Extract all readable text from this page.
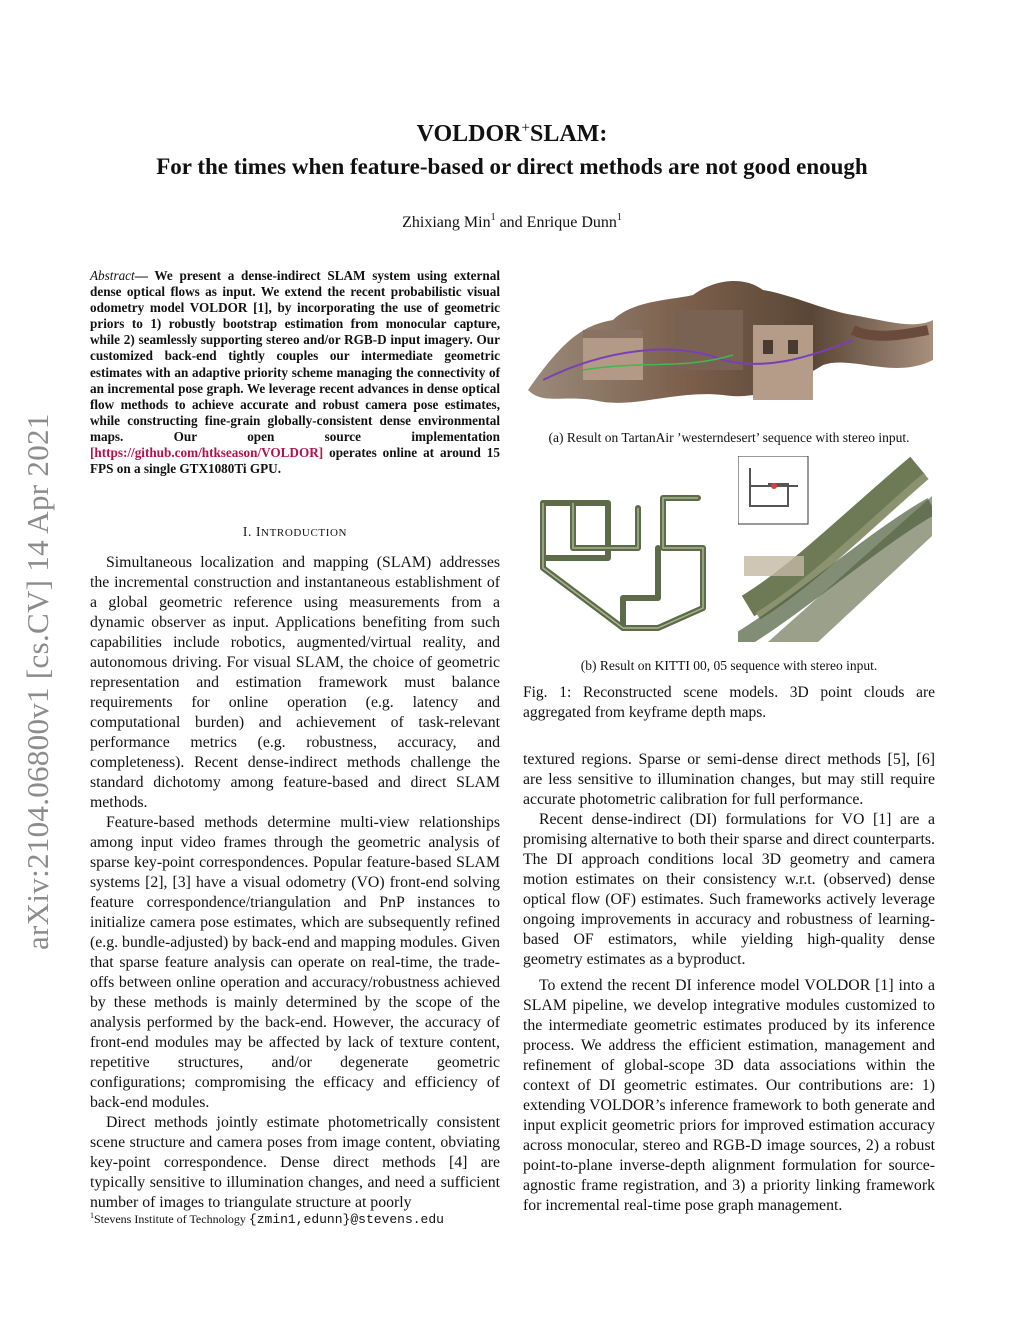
VOLDOR+SLAM:
For the times when feature-based or direct methods are not good enough
Zhixiang Min$^1$ and Enrique Dunn$^1$
arXiv:2104.06800v1 [cs.CV] 14 Apr 2021
Abstract— We present a dense-indirect SLAM system using external dense optical flows as input. We extend the recent probabilistic visual odometry model VOLDOR [1], by incorporating the use of geometric priors to 1) robustly bootstrap estimation from monocular capture, while 2) seamlessly supporting stereo and/or RGB-D input imagery. Our customized back-end tightly couples our intermediate geometric estimates with an adaptive priority scheme managing the connectivity of an incremental pose graph. We leverage recent advances in dense optical flow methods to achieve accurate and robust camera pose estimates, while constructing fine-grain globally-consistent dense environmental maps. Our open source implementation [https://github.com/htkseason/VOLDOR] operates online at around 15 FPS on a single GTX1080Ti GPU.
I. INTRODUCTION

Simultaneous localization and mapping (SLAM) addresses the incremental construction and instantaneous establishment of a global geometric reference using measurements from a dynamic observer as input. Applications benefiting from such capabilities include robotics, augmented/virtual reality, and autonomous driving. For visual SLAM, the choice of geometric representation and estimation framework must balance requirements for online operation (e.g. latency and computational burden) and achievement of task-relevant performance metrics (e.g. robustness, accuracy, and completeness). Recent dense-indirect methods challenge the standard dichotomy among feature-based and direct SLAM methods.

Feature-based methods determine multi-view relationships among input video frames through the geometric analysis of sparse key-point correspondences. Popular feature-based SLAM systems [2], [3] have a visual odometry (VO) front-end solving feature correspondence/triangulation and PnP instances to initialize camera pose estimates, which are subsequently refined (e.g. bundle-adjusted) by back-end and mapping modules. Given that sparse feature analysis can operate on real-time, the trade-offs between online operation and accuracy/robustness achieved by these methods is mainly determined by the scope of the analysis performed by the back-end. However, the accuracy of front-end modules may be affected by lack of texture content, repetitive structures, and/or degenerate geometric configurations; compromising the efficacy and efficiency of back-end modules.

Direct methods jointly estimate photometrically consistent scene structure and camera poses from image content, obviating key-point correspondence. Dense direct methods [4] are typically sensitive to illumination changes, and need a sufficient number of images to triangulate structure at poorly

$^1$Stevens Institute of Technology {zmin1,edunn}@stevens.edu
(a) Result on TartanAir ’westerndesert’ sequence with stereo input.
(b) Result on KITTI 00, 05 sequence with stereo input.
Fig. 1: Reconstructed scene models. 3D point clouds are aggregated from keyframe depth maps.

textured regions. Sparse or semi-dense direct methods [5], [6] are less sensitive to illumination changes, but may still require accurate photometric calibration for full performance.

Recent dense-indirect (DI) formulations for VO [1] are a promising alternative to both their sparse and direct counterparts. The DI approach conditions local 3D geometry and camera motion estimates on their consistency w.r.t. (observed) dense optical flow (OF) estimates. Such frameworks actively leverage ongoing improvements in accuracy and robustness of learning-based OF estimators, while yielding high-quality dense geometry estimates as a byproduct.

To extend the recent DI inference model VOLDOR [1] into a SLAM pipeline, we develop integrative modules customized to the intermediate geometric estimates produced by its inference process. We address the efficient estimation, management and refinement of global-scope 3D data associations within the context of DI geometric estimates. Our contributions are: 1) extending VOLDOR’s inference framework to both generate and input explicit geometric priors for improved estimation accuracy across monocular, stereo and RGB-D image sources, 2) a robust point-to-plane inverse-depth alignment formulation for source-agnostic frame registration, and 3) a priority linking framework for incremental real-time pose graph management.
